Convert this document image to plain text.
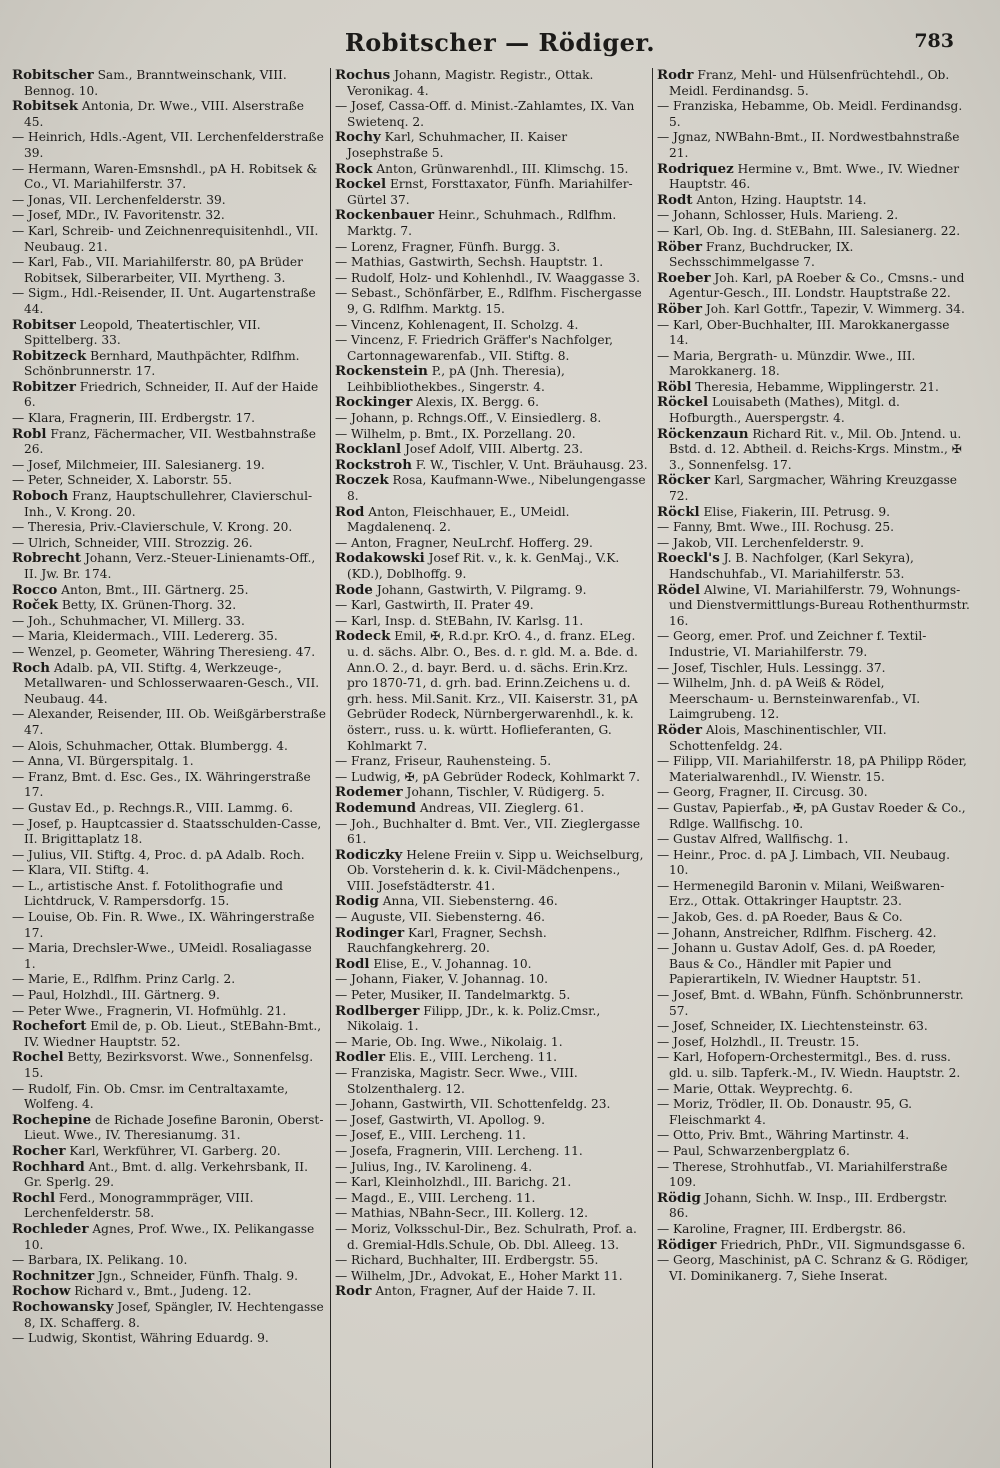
Robitscher — Rödiger.	783

Robitscher Sam., Branntweinschank, VIII. Bennog. 10.

Robitsek Antonia, Dr. Wwe., VIII. Alserstraße 45.

— Heinrich, Hdls.-Agent, VII. Lerchenfelderstraße 39.

— Hermann, Waren-Emsnshdl., pA H. Robitsek & Co., VI. Mariahilferstr. 37.

— Jonas, VII. Lerchenfelderstr. 39.

— Josef, MDr., IV. Favoritenstr. 32.

— Karl, Schreib- und Zeichnenrequisitenhdl., VII. Neubaug. 21.

— Karl, Fab., VII. Mariahilferstr. 80, pA Brüder Robitsek, Silberarbeiter, VII. Myrtheng. 3.

— Sigm., Hdl.-Reisender, II. Unt. Augartenstraße 44.

Robitser Leopold, Theatertischler, VII. Spittelberg. 33.

Robitzeck Bernhard, Mauthpächter, Rdlfhm. Schönbrunnerstr. 17.

Robitzer Friedrich, Schneider, II. Auf der Haide 6.

— Klara, Fragnerin, III. Erdbergstr. 17.

Robl Franz, Fächermacher, VII. Westbahnstraße 26.

— Josef, Milchmeier, III. Salesianerg. 19.

— Peter, Schneider, X. Laborstr. 55.

Roboch Franz, Hauptschullehrer, Clavierschul-Inh., V. Krong. 20.

— Theresia, Priv.-Clavierschule, V. Krong. 20.

— Ulrich, Schneider, VIII. Strozzig. 26.

Robrecht Johann, Verz.-Steuer-Linienamts-Off., II. Jw. Br. 174.

Rocco Anton, Bmt., III. Gärtnerg. 25.

Roček Betty, IX. Grünen-Thorg. 32.

— Joh., Schuhmacher, VI. Millerg. 33.

— Maria, Kleidermach., VIII. Ledererg. 35.

— Wenzel, p. Geometer, Währing Theresieng. 47.

Roch Adalb. pA, VII. Stiftg. 4, Werkzeuge-, Metallwaren- und Schlosserwaaren-Gesch., VII. Neubaug. 44.

— Alexander, Reisender, III. Ob. Weißgärberstraße 47.

— Alois, Schuhmacher, Ottak. Blumbergg. 4.

— Anna, VI. Bürgerspitalg. 1.

— Franz, Bmt. d. Esc. Ges., IX. Währingerstraße 17.

— Gustav Ed., p. Rechngs.R., VIII. Lammg. 6.

— Josef, p. Hauptcassier d. Staatsschulden-Casse, II. Brigittaplatz 18.

— Julius, VII. Stiftg. 4, Proc. d. pA Adalb. Roch.

— Klara, VII. Stiftg. 4.

— L., artistische Anst. f. Fotolithografie und Lichtdruck, V. Rampersdorfg. 15.

— Louise, Ob. Fin. R. Wwe., IX. Währingerstraße 17.

— Maria, Drechsler-Wwe., UMeidl. Rosaliagasse 1.

— Marie, E., Rdlfhm. Prinz Carlg. 2.

— Paul, Holzhdl., III. Gärtnerg. 9.

— Peter Wwe., Fragnerin, VI. Hofmühlg. 21.

Rochefort Emil de, p. Ob. Lieut., StEBahn-Bmt., IV. Wiedner Hauptstr. 52.

Rochel Betty, Bezirksvorst. Wwe., Sonnenfelsg. 15.

— Rudolf, Fin. Ob. Cmsr. im Centraltaxamte, Wolfeng. 4.

Rochepine de Richade Josefine Baronin, Oberst-Lieut. Wwe., IV. Theresianumg. 31.

Rocher Karl, Werkführer, VI. Garberg. 20.

Rochhard Ant., Bmt. d. allg. Verkehrsbank, II. Gr. Sperlg. 29.

Rochl Ferd., Monogrammpräger, VIII. Lerchenfelderstr. 58.

Rochleder Agnes, Prof. Wwe., IX. Pelikangasse 10.

— Barbara, IX. Pelikang. 10.

Rochnitzer Jgn., Schneider, Fünfh. Thalg. 9.

Rochow Richard v., Bmt., Judeng. 12.

Rochowansky Josef, Spängler, IV. Hechtengasse 8, IX. Schafferg. 8.

— Ludwig, Skontist, Währing Eduardg. 9.

Rochus Johann, Magistr. Registr., Ottak. Veronikag. 4.

— Josef, Cassa-Off. d. Minist.-Zahlamtes, IX. Van Swietenq. 2.

Rochy Karl, Schuhmacher, II. Kaiser Josephstraße 5.

Rock Anton, Grünwarenhdl., III. Klimschg. 15.

Rockel Ernst, Forsttaxator, Fünfh. Mariahilfer-Gürtel 37.

Rockenbauer Heinr., Schuhmach., Rdlfhm. Marktg. 7.

— Lorenz, Fragner, Fünfh. Burgg. 3.

— Mathias, Gastwirth, Sechsh. Hauptstr. 1.

— Rudolf, Holz- und Kohlenhdl., IV. Waaggasse 3.

— Sebast., Schönfärber, E., Rdlfhm. Fischergasse 9, G. Rdlfhm. Marktg. 15.

— Vincenz, Kohlenagent, II. Scholzg. 4.

— Vincenz, F. Friedrich Gräffer's Nachfolger, Cartonnagewarenfab., VII. Stiftg. 8.

Rockenstein P., pA (Jnh. Theresia), Leihbibliothekbes., Singerstr. 4.

Rockinger Alexis, IX. Bergg. 6.

— Johann, p. Rchngs.Off., V. Einsiedlerg. 8.

— Wilhelm, p. Bmt., IX. Porzellang. 20.

Rocklanl Josef Adolf, VIII. Albertg. 23.

Rockstroh F. W., Tischler, V. Unt. Bräuhausg. 23.

Roczek Rosa, Kaufmann-Wwe., Nibelungengasse 8.

Rod Anton, Fleischhauer, E., UMeidl. Magdalenenq. 2.

— Anton, Fragner, NeuLrchf. Hofferg. 29.

Rodakowski Josef Rit. v., k. k. GenMaj., V.K. (KD.), Doblhoffg. 9.

Rode Johann, Gastwirth, V. Pilgramg. 9.

— Karl, Gastwirth, II. Prater 49.

— Karl, Insp. d. StEBahn, IV. Karlsg. 11.

Rodeck Emil, ✠, R.d.pr. KrO. 4., d. franz. ELeg. u. d. sächs. Albr. O., Bes. d. r. gld. M. a. Bde. d. Ann.O. 2., d. bayr. Berd. u. d. sächs. Erin.Krz. pro 1870-71, d. grh. bad. Erinn.Zeichens u. d. grh. hess. Mil.Sanit. Krz., VII. Kaiserstr. 31, pA Gebrüder Rodeck, Nürnbergerwarenhdl., k. k. österr., russ. u. k. württ. Hoflieferanten, G. Kohlmarkt 7.

— Franz, Friseur, Rauhensteing. 5.

— Ludwig, ✠, pA Gebrüder Rodeck, Kohlmarkt 7.

Rodemer Johann, Tischler, V. Rüdigerg. 5.

Rodemund Andreas, VII. Zieglerg. 61.

— Joh., Buchhalter d. Bmt. Ver., VII. Zieglergasse 61.

Rodiczky Helene Freiin v. Sipp u. Weichselburg, Ob. Vorsteherin d. k. k. Civil-Mädchenpens., VIII. Josefstädterstr. 41.

Rodig Anna, VII. Siebensterng. 46.

— Auguste, VII. Siebensterng. 46.

Rodinger Karl, Fragner, Sechsh. Rauchfangkehrerg. 20.

Rodl Elise, E., V. Johannag. 10.

— Johann, Fiaker, V. Johannag. 10.

— Peter, Musiker, II. Tandelmarktg. 5.

Rodlberger Filipp, JDr., k. k. Poliz.Cmsr., Nikolaig. 1.

— Marie, Ob. Ing. Wwe., Nikolaig. 1.

Rodler Elis. E., VIII. Lercheng. 11.

— Franziska, Magistr. Secr. Wwe., VIII. Stolzenthalerg. 12.

— Johann, Gastwirth, VII. Schottenfeldg. 23.

— Josef, Gastwirth, VI. Apollog. 9.

— Josef, E., VIII. Lercheng. 11.

— Josefa, Fragnerin, VIII. Lercheng. 11.

— Julius, Ing., IV. Karolineng. 4.

— Karl, Kleinholzhdl., III. Barichg. 21.

— Magd., E., VIII. Lercheng. 11.

— Mathias, NBahn-Secr., III. Kollerg. 12.

— Moriz, Volksschul-Dir., Bez. Schulrath, Prof. a. d. Gremial-Hdls.Schule, Ob. Dbl. Alleeg. 13.

— Richard, Buchhalter, III. Erdbergstr. 55.

— Wilhelm, JDr., Advokat, E., Hoher Markt 11.

Rodr Anton, Fragner, Auf der Haide 7. II.

Rodr Franz, Mehl- und Hülsenfrüchtehdl., Ob. Meidl. Ferdinandsg. 5.

— Franziska, Hebamme, Ob. Meidl. Ferdinandsg. 5.

— Jgnaz, NWBahn-Bmt., II. Nordwestbahnstraße 21.

Rodriquez Hermine v., Bmt. Wwe., IV. Wiedner Hauptstr. 46.

Rodt Anton, Hzing. Hauptstr. 14.

— Johann, Schlosser, Huls. Marieng. 2.

— Karl, Ob. Ing. d. StEBahn, III. Salesianerg. 22.

Röber Franz, Buchdrucker, IX. Sechsschimmelgasse 7.

Roeber Joh. Karl, pA Roeber & Co., Cmsns.- und Agentur-Gesch., III. Londstr. Hauptstraße 22.

Röber Joh. Karl Gottfr., Tapezir, V. Wimmerg. 34.

— Karl, Ober-Buchhalter, III. Marokkanergasse 14.

— Maria, Bergrath- u. Münzdir. Wwe., III. Marokkanerg. 18.

Röbl Theresia, Hebamme, Wipplingerstr. 21.

Röckel Louisabeth (Mathes), Mitgl. d. Hofburgth., Auerspergstr. 4.

Röckenzaun Richard Rit. v., Mil. Ob. Jntend. u. Bstd. d. 12. Abtheil. d. Reichs-Krgs. Minstm., ✠ 3., Sonnenfelsg. 17.

Röcker Karl, Sargmacher, Währing Kreuzgasse 72.

Röckl Elise, Fiakerin, III. Petrusg. 9.

— Fanny, Bmt. Wwe., III. Rochusg. 25.

— Jakob, VII. Lerchenfelderstr. 9.

Roeckl's J. B. Nachfolger, (Karl Sekyra), Handschuhfab., VI. Mariahilferstr. 53.

Rödel Alwine, VI. Mariahilferstr. 79, Wohnungs- und Dienstvermittlungs-Bureau Rothenthurmstr. 16.

— Georg, emer. Prof. und Zeichner f. Textil-Industrie, VI. Mariahilferstr. 79.

— Josef, Tischler, Huls. Lessingg. 37.

— Wilhelm, Jnh. d. pA Weiß & Rödel, Meerschaum- u. Bernsteinwarenfab., VI. Laimgrubeng. 12.

Röder Alois, Maschinentischler, VII. Schottenfeldg. 24.

— Filipp, VII. Mariahilferstr. 18, pA Philipp Röder, Materialwarenhdl., IV. Wienstr. 15.

— Georg, Fragner, II. Circusg. 30.

— Gustav, Papierfab., ✠, pA Gustav Roeder & Co., Rdlge. Wallfischg. 10.

— Gustav Alfred, Wallfischg. 1.

— Heinr., Proc. d. pA J. Limbach, VII. Neubaug. 10.

— Hermenegild Baronin v. Milani, Weißwaren-Erz., Ottak. Ottakringer Hauptstr. 23.

— Jakob, Ges. d. pA Roeder, Baus & Co.

— Johann, Anstreicher, Rdlfhm. Fischerg. 42.

— Johann u. Gustav Adolf, Ges. d. pA Roeder, Baus & Co., Händler mit Papier und Papierartikeln, IV. Wiedner Hauptstr. 51.

— Josef, Bmt. d. WBahn, Fünfh. Schönbrunnerstr. 57.

— Josef, Schneider, IX. Liechtensteinstr. 63.

— Josef, Holzhdl., II. Treustr. 15.

— Karl, Hofopern-Orchestermitgl., Bes. d. russ. gld. u. silb. Tapferk.-M., IV. Wiedn. Hauptstr. 2.

— Marie, Ottak. Weyprechtg. 6.

— Moriz, Trödler, II. Ob. Donaustr. 95, G. Fleischmarkt 4.

— Otto, Priv. Bmt., Währing Martinstr. 4.

— Paul, Schwarzenbergplatz 6.

— Therese, Strohhutfab., VI. Mariahilferstraße 109.

Rödig Johann, Sichh. W. Insp., III. Erdbergstr. 86.

— Karoline, Fragner, III. Erdbergstr. 86.

Rödiger Friedrich, PhDr., VII. Sigmundsgasse 6.

— Georg, Maschinist, pA C. Schranz & G. Rödiger, VI. Dominikanerg. 7, Siehe Inserat.
